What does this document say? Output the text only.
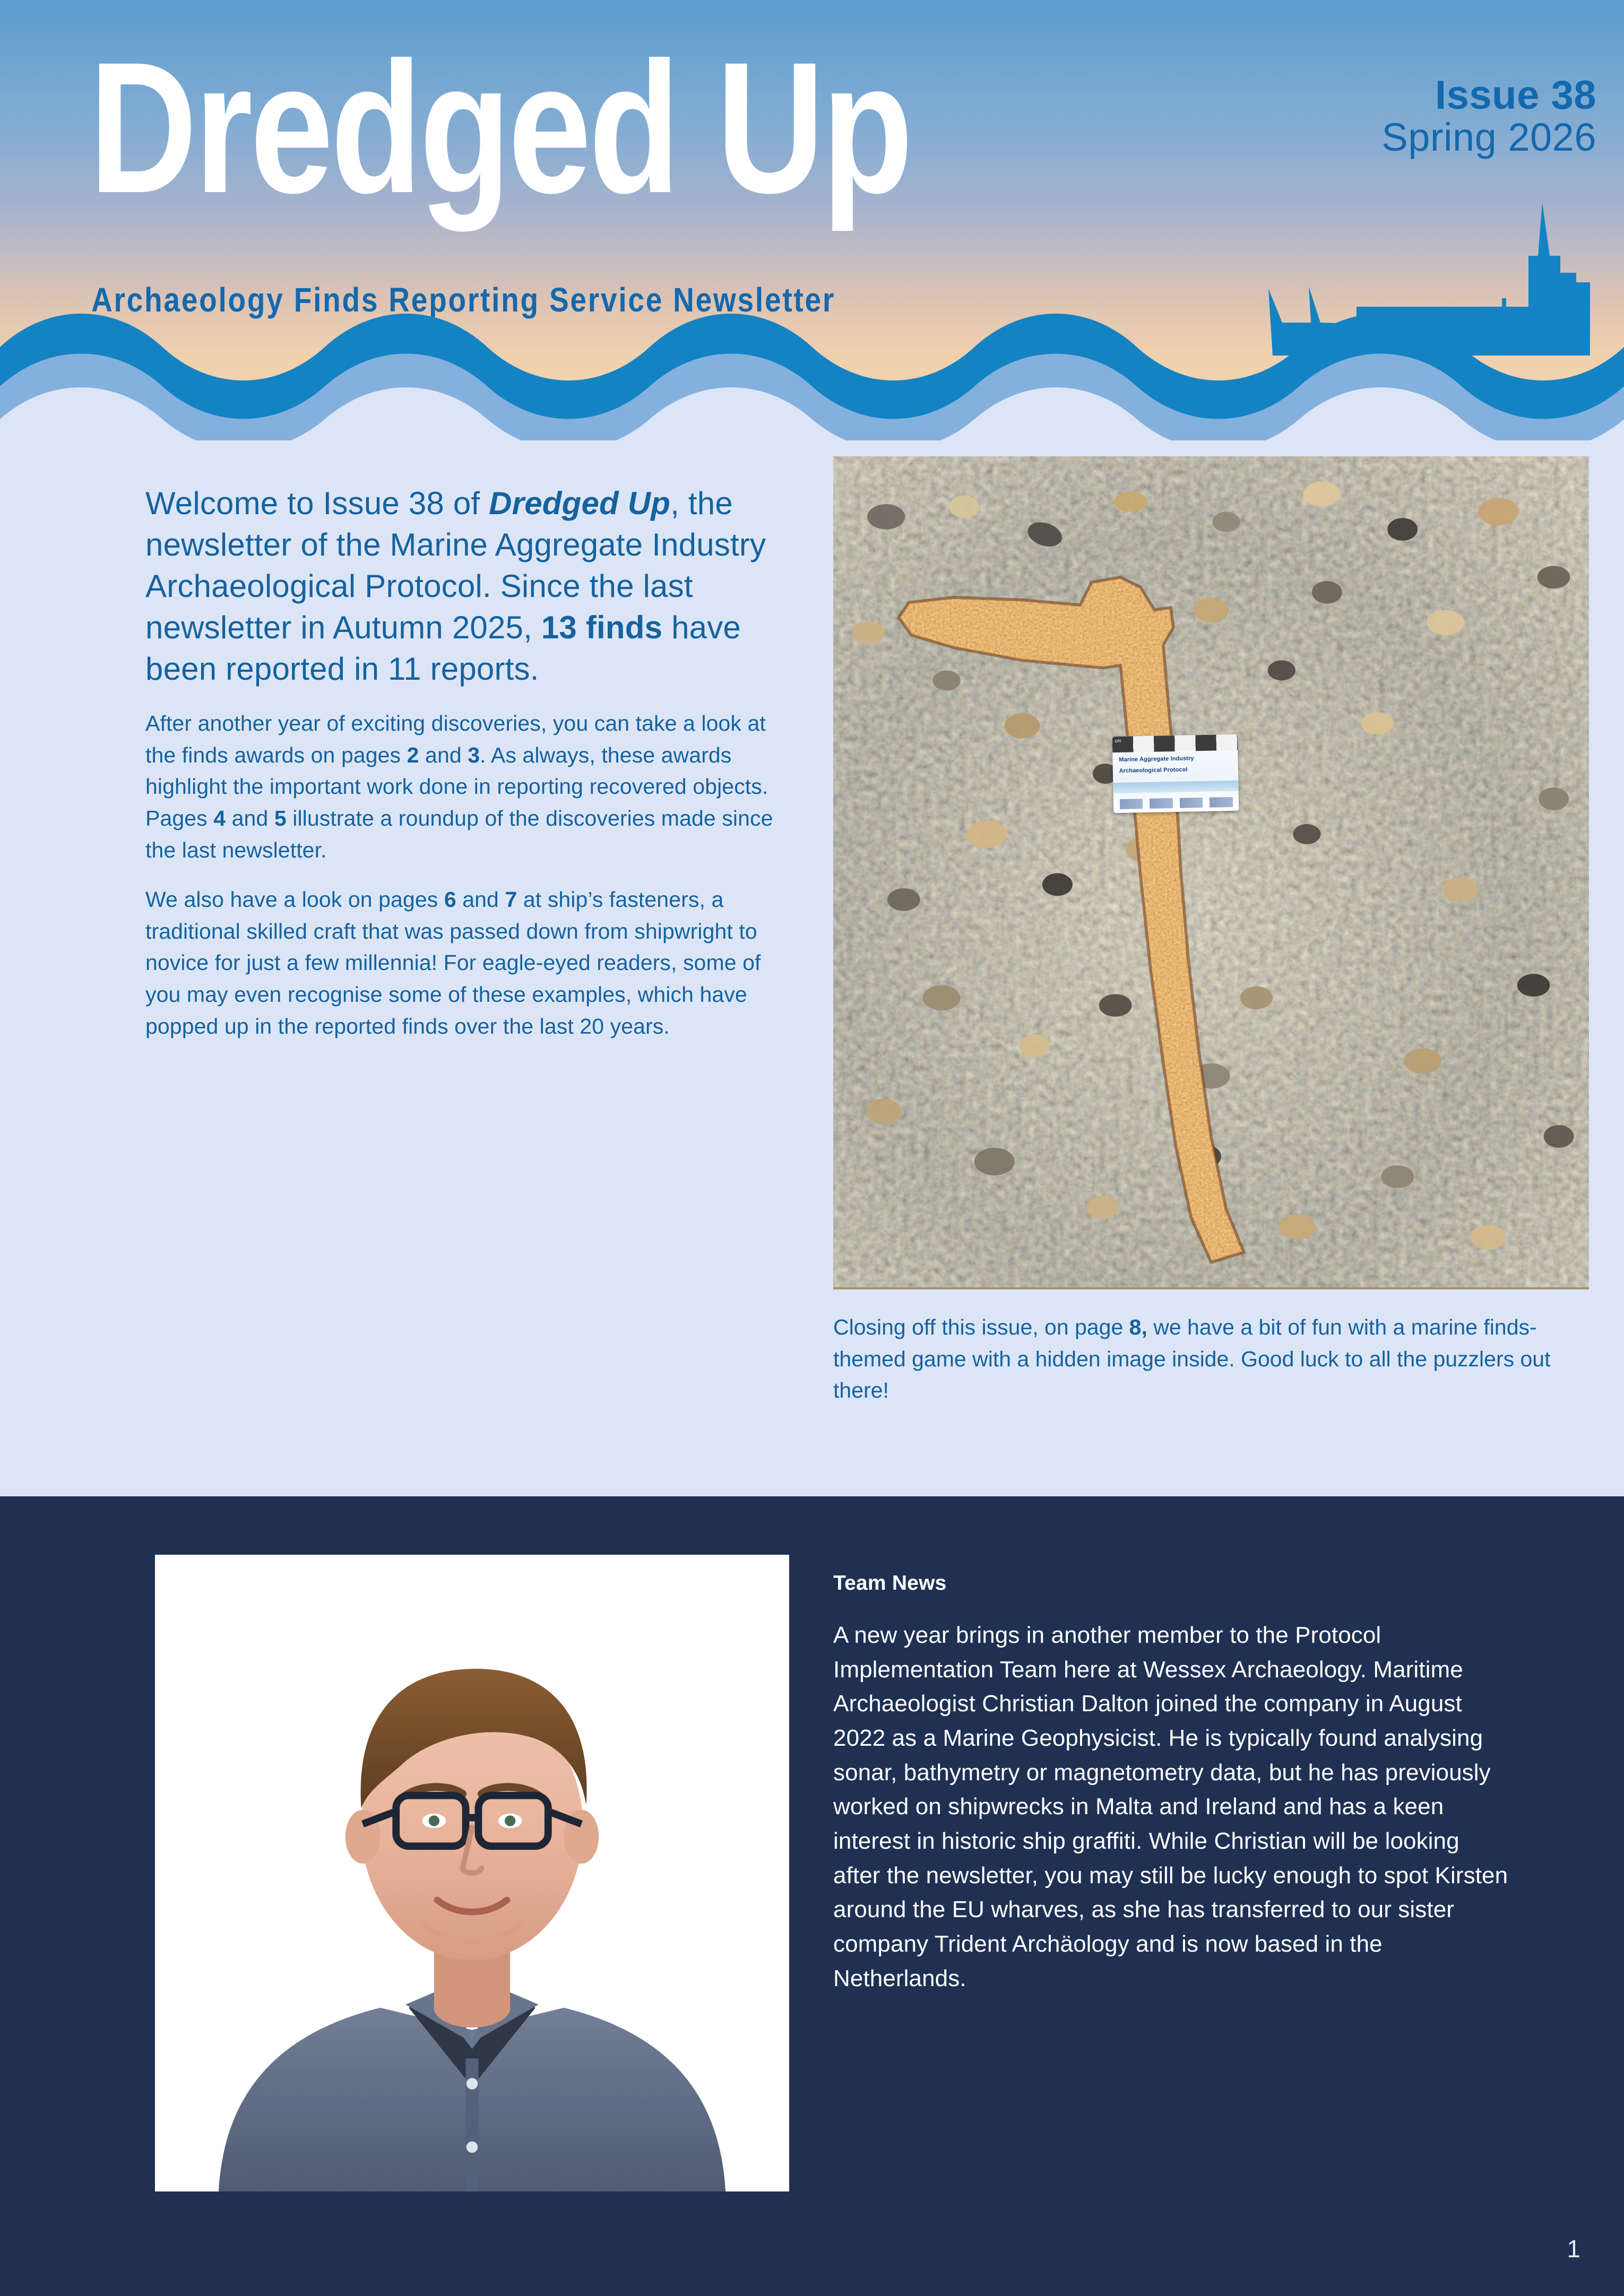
Dredged Up
Archaeology Finds Reporting Service Newsletter
Issue 38
Spring 2026

Welcome to Issue 38 of Dredged Up, the newsletter of the Marine Aggregate Industry Archaeological Protocol. Since the last newsletter in Autumn 2025, 13 finds have been reported in 11 reports.

After another year of exciting discoveries, you can take a look at the finds awards on pages 2 and 3. As always, these awards highlight the important work done in reporting recovered objects. Pages 4 and 5 illustrate a roundup of the discoveries made since the last newsletter.

We also have a look on pages 6 and 7 at ship’s fasteners, a traditional skilled craft that was passed down from shipwright to novice for just a few millennia! For eagle-eyed readers, some of you may even recognise some of these examples, which have popped up in the reported finds over the last 20 years.

cm
Marine Aggregate Industry
Archaeological Protocol

Closing off this issue, on page 8, we have a bit of fun with a marine finds-themed game with a hidden image inside. Good luck to all the puzzlers out there!

Team News

A new year brings in another member to the Protocol Implementation Team here at Wessex Archaeology. Maritime Archaeologist Christian Dalton joined the company in August 2022 as a Marine Geophysicist. He is typically found analysing sonar, bathymetry or magnetometry data, but he has previously worked on shipwrecks in Malta and Ireland and has a keen interest in historic ship graffiti. While Christian will be looking after the newsletter, you may still be lucky enough to spot Kirsten around the EU wharves, as she has transferred to our sister company Trident Archäology and is now based in the Netherlands.

1
